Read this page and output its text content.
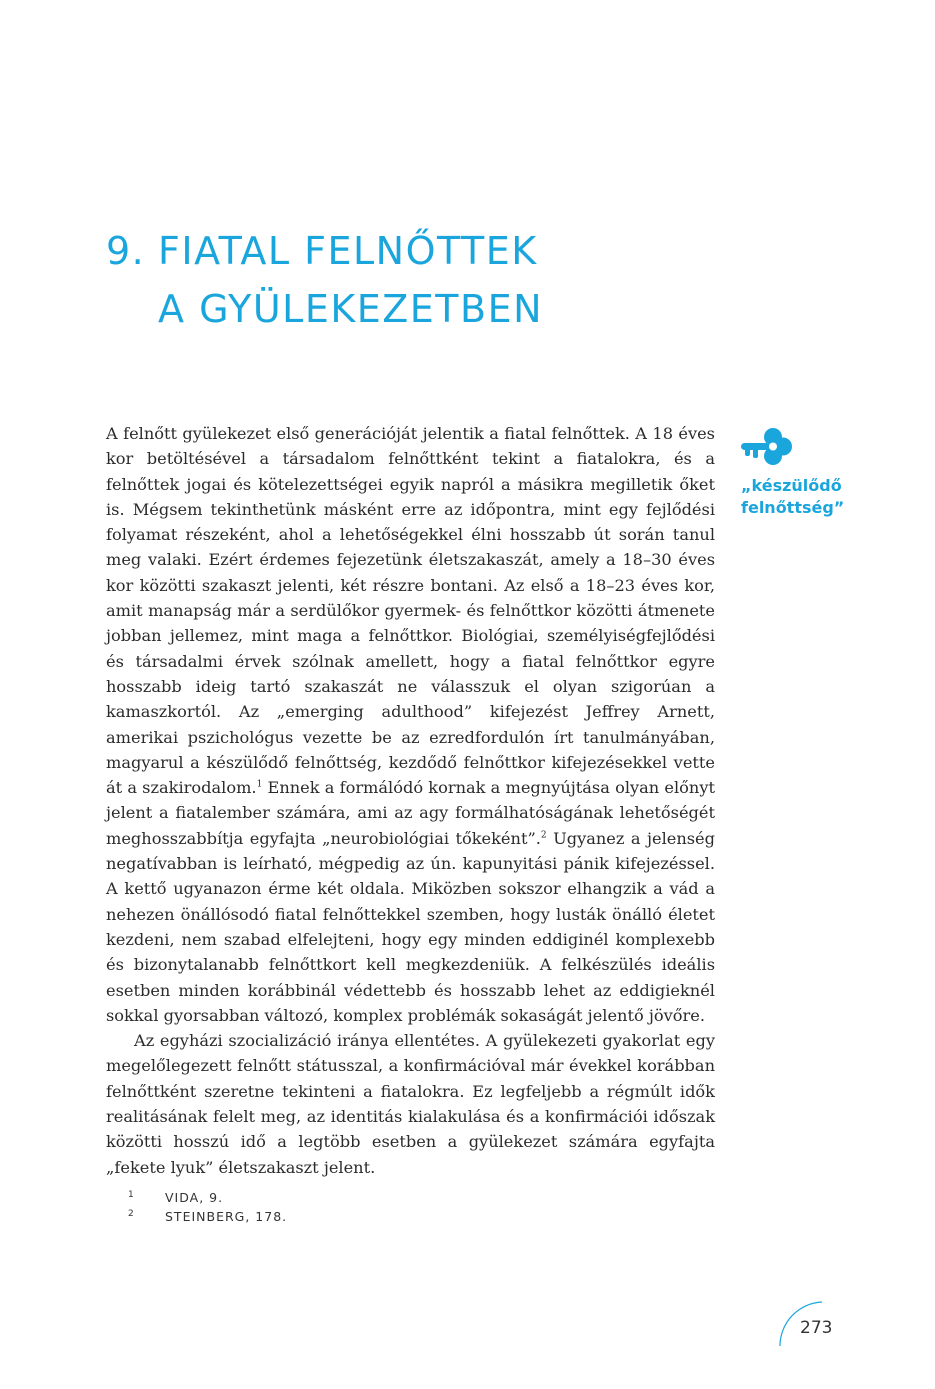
9. FIATAL FELNŐTTEK
A GYÜLEKEZETBEN

A felnőtt gyülekezet első generációját jelentik a fiatal felnőttek. A 18 éves kor betöltésével a társadalom felnőttként tekint a fiatalokra, és a felnőttek jogai és kötelezettségei egyik napról a másikra megilletik őket is. Mégsem tekinthetünk másként erre az időpontra, mint egy fejlődési folyamat részeként, ahol a lehetőségekkel élni hosszabb út során tanul meg valaki. Ezért érdemes fejezetünk életszakaszát, amely a 18–30 éves kor közötti szakaszt jelenti, két részre bontani. Az első a 18–23 éves kor, amit manapság már a serdülőkor gyermek- és felnőttkor közötti átmenete jobban jellemez, mint maga a felnőttkor. Biológiai, személyiségfejlődési és társadalmi érvek szólnak amellett, hogy a fiatal felnőttkor egyre hosszabb ideig tartó szakaszát ne válasszuk el olyan szigorúan a kamaszkortól. Az „emerging adulthood” kifejezést Jeffrey Arnett, amerikai pszichológus vezette be az ezredfordulón írt tanulmányában, magyarul a készülődő felnőttség, kezdődő felnőttkor kifejezésekkel vette át a szakirodalom.$^1$ Ennek a formálódó kornak a megnyújtása olyan előnyt jelent a fiatalember számára, ami az agy formálhatóságának lehetőségét meghosszabbítja egyfajta „neurobiológiai tőkeként”.$^2$ Ugyanez a jelenség negatívabban is leírható, mégpedig az ún. kapunyitási pánik kifejezéssel. A kettő ugyanazon érme két oldala. Miközben sokszor elhangzik a vád a nehezen önállósodó fiatal felnőttekkel szemben, hogy lusták önálló életet kezdeni, nem szabad elfelejteni, hogy egy minden eddiginél komplexebb és bizonytalanabb felnőttkort kell megkezdeniük. A felkészülés ideális esetben minden korábbinál védettebb és hosszabb lehet az eddigieknél sokkal gyorsabban változó, komplex problémák sokaságát jelentő jövőre.

Az egyházi szocializáció iránya ellentétes. A gyülekezeti gyakorlat egy megelőlegezett felnőtt státusszal, a konfirmációval már évekkel korábban felnőttként szeretne tekinteni a fiatalokra. Ez legfeljebb a régmúlt idők realitásának felelt meg, az identitás kialakulása és a konfirmációi időszak közötti hosszú idő a legtöbb esetben a gyülekezet számára egyfajta „fekete lyuk” életszakaszt jelent.

„készülődő
felnőttség”
1	VIDA, 9.
2	STEINBERG, 178.
273
